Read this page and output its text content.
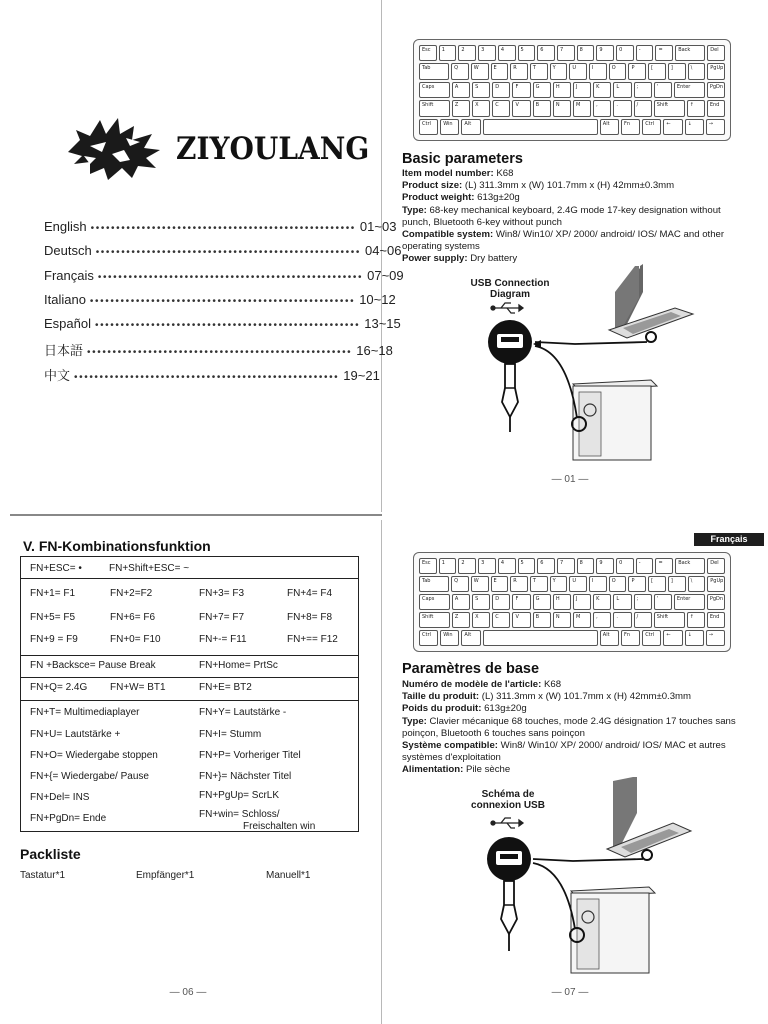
ZIYOULANG
English •••••••••••••••••••••••••••••••••••••••••••••••••••• 01~03
Deutsch •••••••••••••••••••••••••••••••••••••••••••••••••••• 04~06
Français •••••••••••••••••••••••••••••••••••••••••••••••••••• 07~09
Italiano •••••••••••••••••••••••••••••••••••••••••••••••••••• 10~12
Español •••••••••••••••••••••••••••••••••••••••••••••••••••• 13~15
日本語 •••••••••••••••••••••••••••••••••••••••••••••••••••• 16~18
中文 •••••••••••••••••••••••••••••••••••••••••••••••••••• 19~21
Esc	1	2	3	4	5	6	7	8	9	0	-	=	Back	Del
Tab	Q	W	E	R	T	Y	U	I	O	P	[	]	\	PgUp
Caps	A	S	D	F	G	H	J	K	L	;	'	Enter	PgDn
Shift	Z	X	C	V	B	N	M	,	.	/	Shift	↑	End
Ctrl	Win	Alt	Alt	Fn	Ctrl	←	↓	→
Basic parameters
Item model number: K68
Product size: (L) 311.3mm x (W) 101.7mm x (H) 42mm±0.3mm
Product weight: 613g±20g
Type: 68-key mechanical keyboard, 2.4G mode 17-key designation without punch, Bluetooth 6-key without punch
Compatible system: Win8/ Win10/ XP/ 2000/ android/ IOS/ MAC and other operating systems
Power supply: Dry battery
USB Connection
Diagram
— 01 —
V. FN-Kombinationsfunktion
FN+ESC= •	FN+Shift+ESC= ~
FN+1= F1	FN+2=F2	FN+3= F3	FN+4= F4
FN+5= F5	FN+6= F6	FN+7= F7	FN+8= F8
FN+9 = F9	FN+0= F10	FN+-= F11	FN+== F12
FN +Backsce= Pause Break	FN+Home= PrtSc
FN+Q= 2.4G FN+W= BT1	FN+E= BT2
FN+T= Multimediaplayer	FN+Y= Lautstärke -
FN+U= Lautstärke +	FN+I= Stumm
FN+O= Wiedergabe stoppen	FN+P= Vorheriger Titel
FN+{= Wiedergabe/ Pause	FN+}= Nächster Titel
FN+Del= INS	FN+PgUp= ScrLK
FN+PgDn= Ende	FN+win= Schloss/
Freischalten win
Packliste
Tastatur*1	Empfänger*1	Manuell*1
— 06 —
Français
Esc	1	2	3	4	5	6	7	8	9	0	-	=	Back	Del
Tab	Q	W	E	R	T	Y	U	I	O	P	[	]	\	PgUp
Caps	A	S	D	F	G	H	J	K	L	;	'	Enter	PgDn
Shift	Z	X	C	V	B	N	M	,	.	/	Shift	↑	End
Ctrl	Win	Alt	Alt	Fn	Ctrl	←	↓	→
Paramètres de base
Numéro de modèle de l'article: K68
Taille du produit: (L) 311.3mm x (W) 101.7mm x (H) 42mm±0.3mm
Poids du produit: 613g±20g
Type: Clavier mécanique 68 touches, mode 2.4G désignation 17 touches sans poinçon, Bluetooth 6 touches sans poinçon
Système compatible: Win8/ Win10/ XP/ 2000/ android/ IOS/ MAC et autres systèmes d'exploitation
Alimentation: Pile sèche
Schéma de
connexion USB
— 07 —
